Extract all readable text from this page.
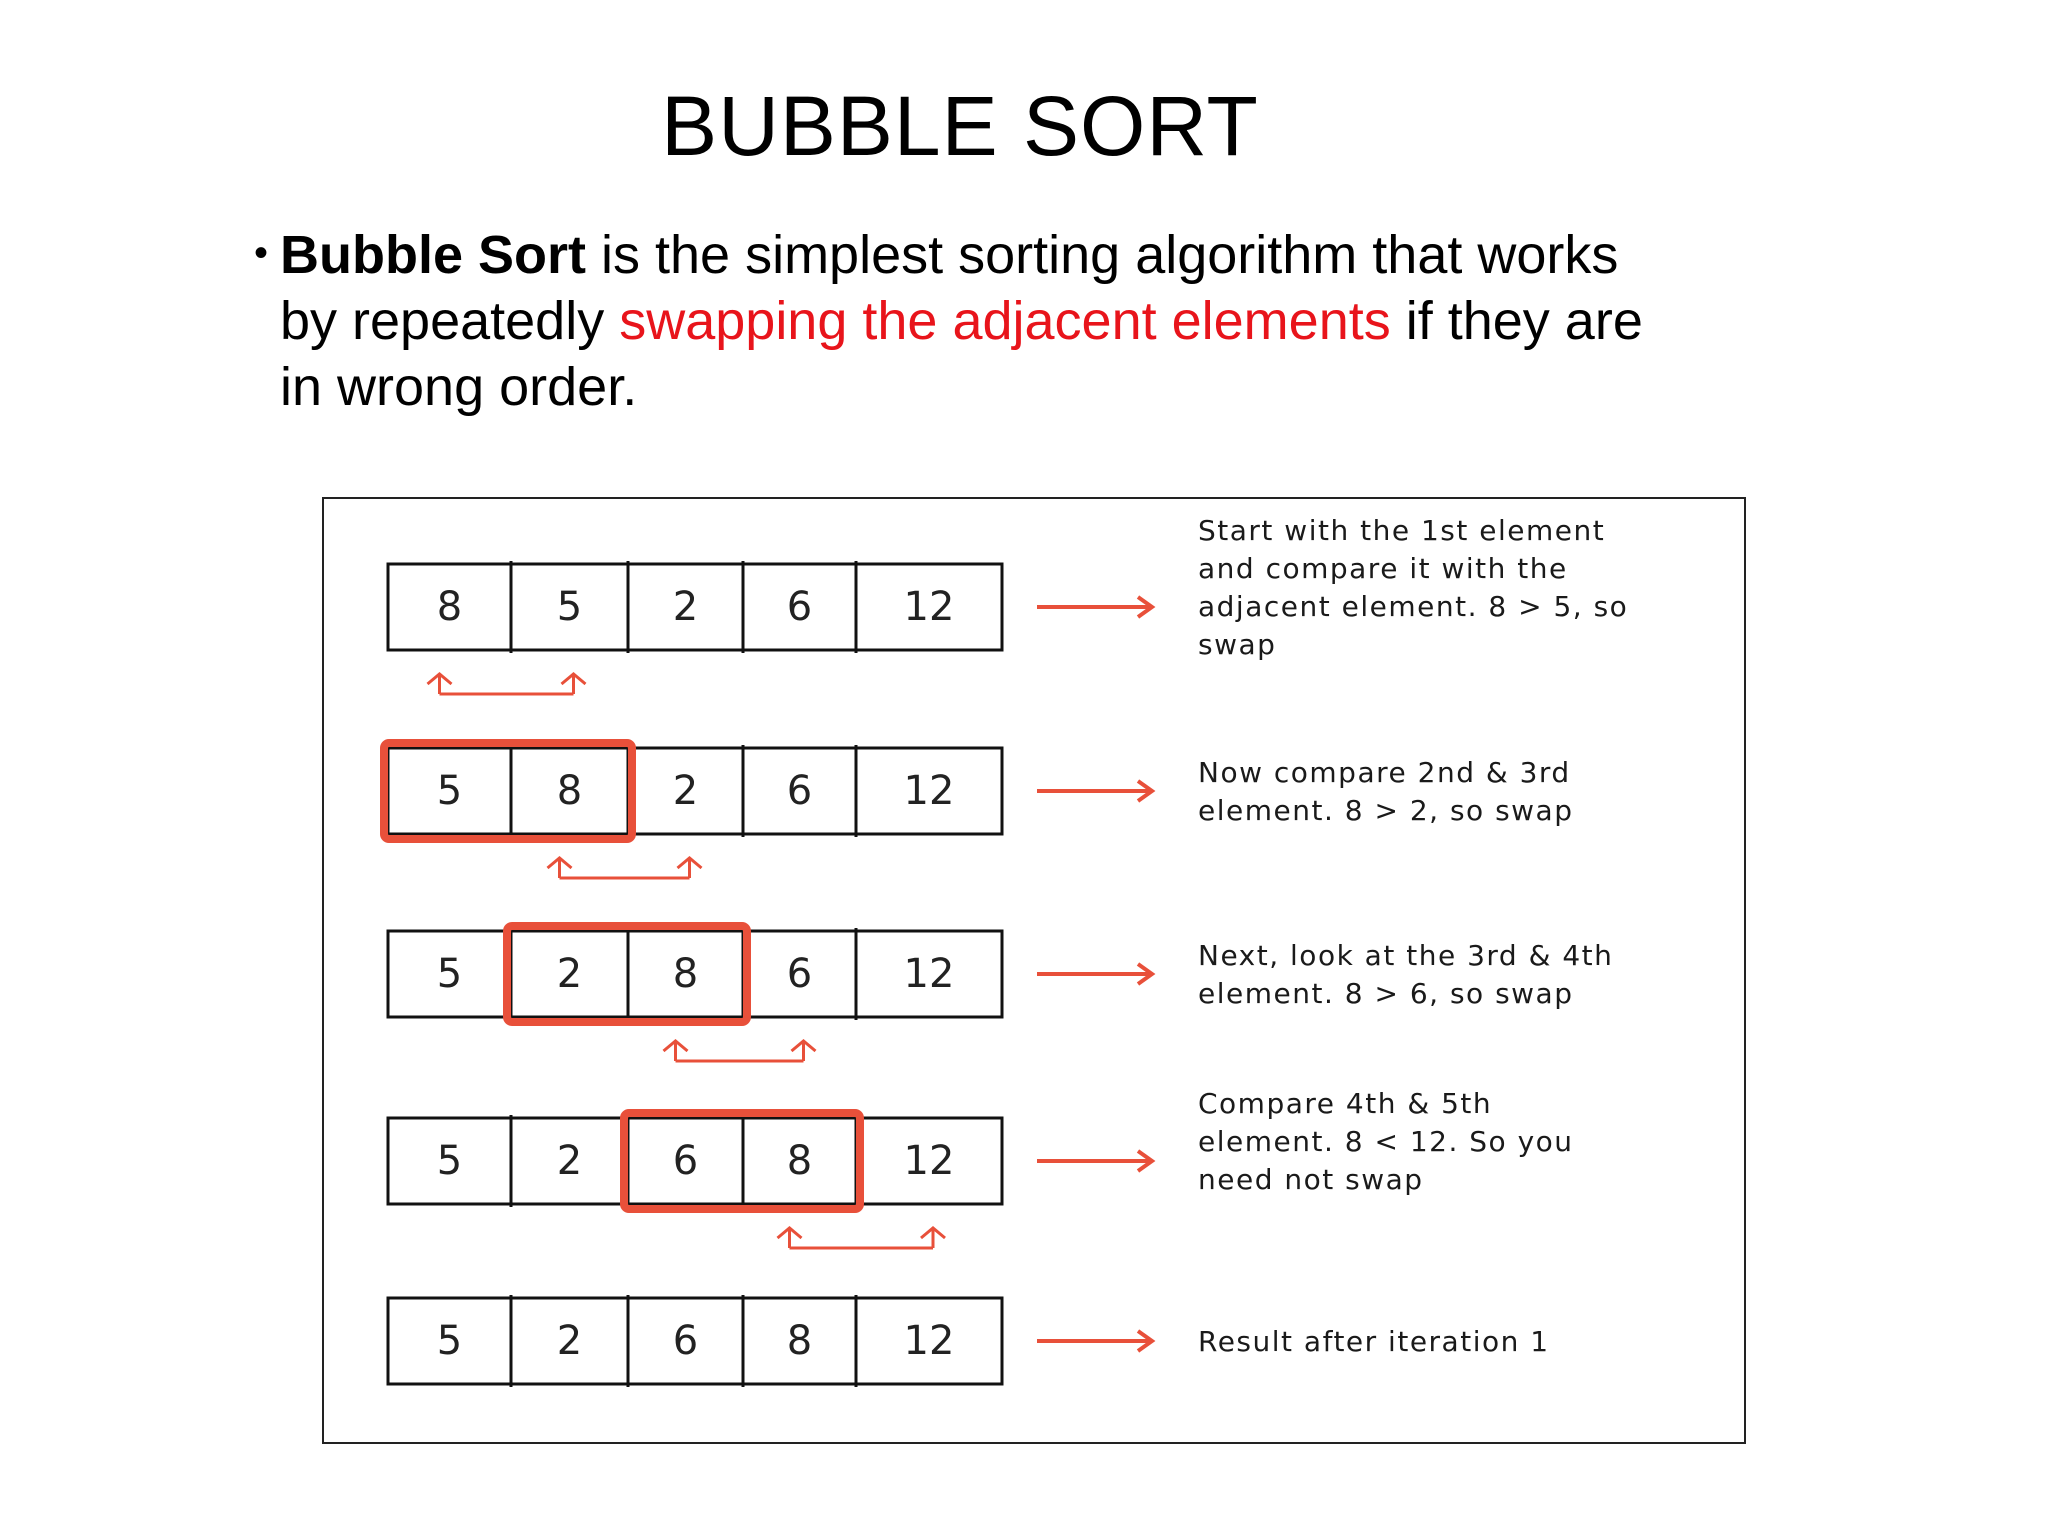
BUBBLE SORT
• Bubble Sort is the simplest sorting algorithm that works by repeatedly swapping the adjacent elements if they are in wrong order.
8 5 2 6 12
Start with the 1st element
and compare it with the
adjacent element. 8 > 5, so
swap
5 8 2 6 12	Now compare 2nd & 3rd
element. 8 > 2, so swap
5 2 8 6 12	Next, look at the 3rd & 4th
element. 8 > 6, so swap
5 2 6 8 12
Compare 4th & 5th
element. 8 < 12. So you
need not swap
5 2 6 8 12	Result after iteration 1
